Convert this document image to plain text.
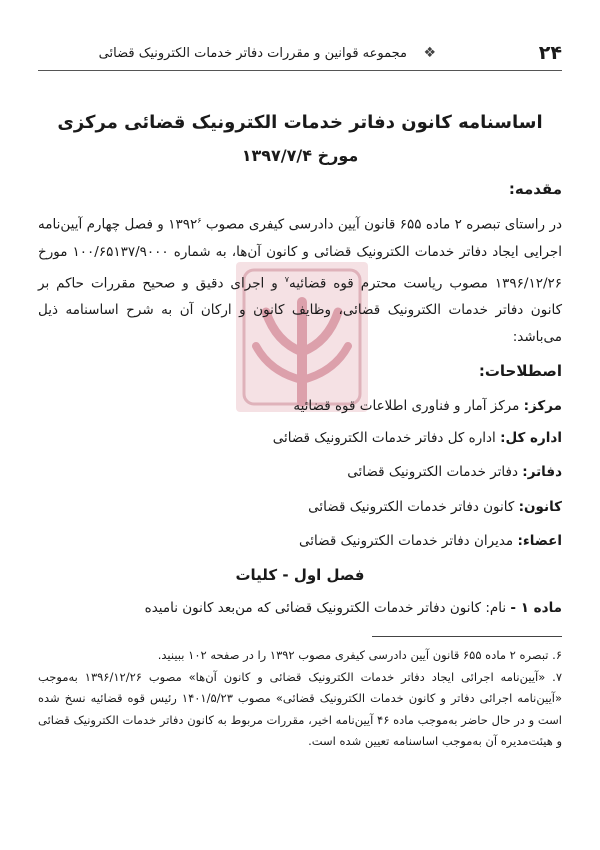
۲۴
❖
مجموعه قوانین و مقررات دفاتر خدمات الکترونیک قضائی
اساسنامه کانون دفاتر خدمات الکترونیک قضائی مرکزی
مورخ ۱۳۹۷/۷/۴
مقدمه:
در راستای تبصره ۲ ماده ۶۵۵ قانون آیین دادرسی کیفری مصوب ۱۳۹۲$^۶$ و فصل چهارم آیین‌نامه اجرایی ایجاد دفاتر خدمات الکترونیک قضائی و کانون آن‌ها، به شماره ۱۰۰/۶۵۱۳۷/۹۰۰۰ مورخ ۱۳۹۶/۱۲/۲۶ مصوب ریاست محترم قوه قضائیه$^۷$ و اجرای دقیق و صحیح مقررات حاکم بر کانون دفاتر خدمات الکترونیک قضائی، وظایف کانون و ارکان آن به شرح اساسنامه ذیل می‌باشد:
اصطلاحات:
مرکز: مرکز آمار و فناوری اطلاعات قوه قضائیه
اداره کل: اداره کل دفاتر خدمات الکترونیک قضائی
دفاتر: دفاتر خدمات الکترونیک قضائی
کانون: کانون دفاتر خدمات الکترونیک قضائی
اعضاء: مدیران دفاتر خدمات الکترونیک قضائی
فصل اول - کلیات
ماده ۱ - نام: کانون دفاتر خدمات الکترونیک قضائی که من‌بعد کانون نامیده
۶. تبصره ۲ ماده ۶۵۵ قانون آیین دادرسی کیفری مصوب ۱۳۹۲ را در صفحه ۱۰۲ ببینید.
۷. «آیین‌نامه اجرائی ایجاد دفاتر خدمات الکترونیک قضائی و کانون آن‌ها» مصوب ۱۳۹۶/۱۲/۲۶ به‌موجب «آیین‌نامه اجرائی دفاتر و کانون خدمات الکترونیک قضائی» مصوب ۱۴۰۱/۵/۲۳ رئیس قوه قضائیه نسخ شده است و در حال حاضر به‌موجب ماده ۴۶ آیین‌نامه اخیر، مقررات مربوط به کانون دفاتر خدمات الکترونیک قضائی و هیئت‌مدیره آن به‌موجب اساسنامه تعیین شده است.
